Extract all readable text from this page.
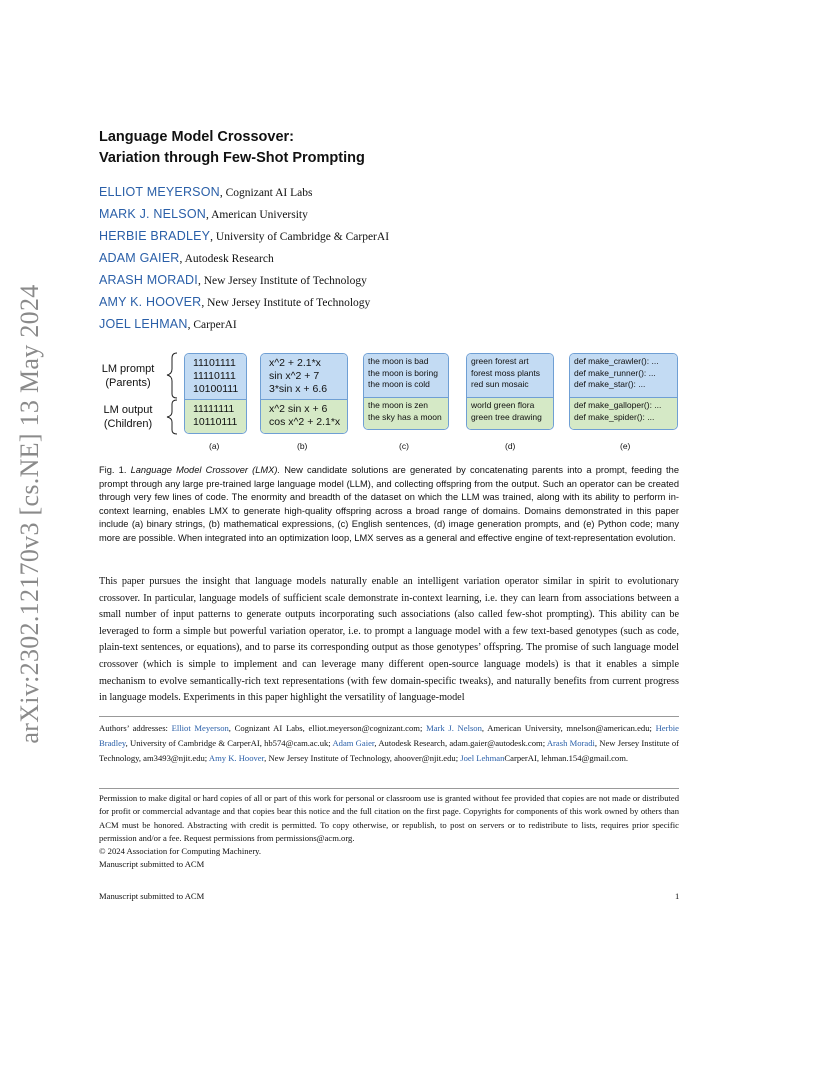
arXiv:2302.12170v3 [cs.NE] 13 May 2024
Language Model Crossover:
Variation through Few-Shot Prompting
ELLIOT MEYERSON, Cognizant AI Labs
MARK J. NELSON, American University
HERBIE BRADLEY, University of Cambridge & CarperAI
ADAM GAIER, Autodesk Research
ARASH MORADI, New Jersey Institute of Technology
AMY K. HOOVER, New Jersey Institute of Technology
JOEL LEHMAN, CarperAI
LM prompt
(Parents)
LM output
(Children)
11101111
11110111
10100111
11111111
10110111
(a)
x^2 + 2.1*x
sin x^2 + 7
3*sin x + 6.6
x^2 sin x + 6
cos x^2 + 2.1*x
(b)
the moon is bad
the moon is boring
the moon is cold
the moon is zen
the sky has a moon
(c)
green forest art
forest moss plants
red sun mosaic
world green flora
green tree drawing
(d)
def make_crawler(): ...
def make_runner(): ...
def make_star(): ...
def make_galloper(): ...
def make_spider(): ...
(e)
Fig. 1. Language Model Crossover (LMX). New candidate solutions are generated by concatenating parents into a prompt, feeding the prompt through any large pre-trained large language model (LLM), and collecting offspring from the output. Such an operator can be created through very few lines of code. The enormity and breadth of the dataset on which the LLM was trained, along with its ability to perform in-context learning, enables LMX to generate high-quality offspring across a broad range of domains. Domains demonstrated in this paper include (a) binary strings, (b) mathematical expressions, (c) English sentences, (d) image generation prompts, and (e) Python code; many more are possible. When integrated into an optimization loop, LMX serves as a general and effective engine of text-representation evolution.
This paper pursues the insight that language models naturally enable an intelligent variation operator similar in spirit to evolutionary crossover. In particular, language models of sufficient scale demonstrate in-context learning, i.e. they can learn from associations between a small number of input patterns to generate outputs incorporating such associations (also called few-shot prompting). This ability can be leveraged to form a simple but powerful variation operator, i.e. to prompt a language model with a few text-based genotypes (such as code, plain-text sentences, or equations), and to parse its corresponding output as those genotypes’ offspring. The promise of such language model crossover (which is simple to implement and can leverage many different open-source language models) is that it enables a simple mechanism to evolve semantically-rich text representations (with few domain-specific tweaks), and naturally benefits from current progress in language models. Experiments in this paper highlight the versatility of language-model
Authors’ addresses: Elliot Meyerson, Cognizant AI Labs, elliot.meyerson@cognizant.com; Mark J. Nelson, American University, mnelson@american.edu; Herbie Bradley, University of Cambridge & CarperAI, hb574@cam.ac.uk; Adam Gaier, Autodesk Research, adam.gaier@autodesk.com; Arash Moradi, New Jersey Institute of Technology, am3493@njit.edu; Amy K. Hoover, New Jersey Institute of Technology, ahoover@njit.edu; Joel LehmanCarperAI, lehman.154@gmail.com.
Permission to make digital or hard copies of all or part of this work for personal or classroom use is granted without fee provided that copies are not made or distributed for profit or commercial advantage and that copies bear this notice and the full citation on the first page. Copyrights for components of this work owned by others than ACM must be honored. Abstracting with credit is permitted. To copy otherwise, or republish, to post on servers or to redistribute to lists, requires prior specific permission and/or a fee. Request permissions from permissions@acm.org.
© 2024 Association for Computing Machinery.
Manuscript submitted to ACM
Manuscript submitted to ACM	1
